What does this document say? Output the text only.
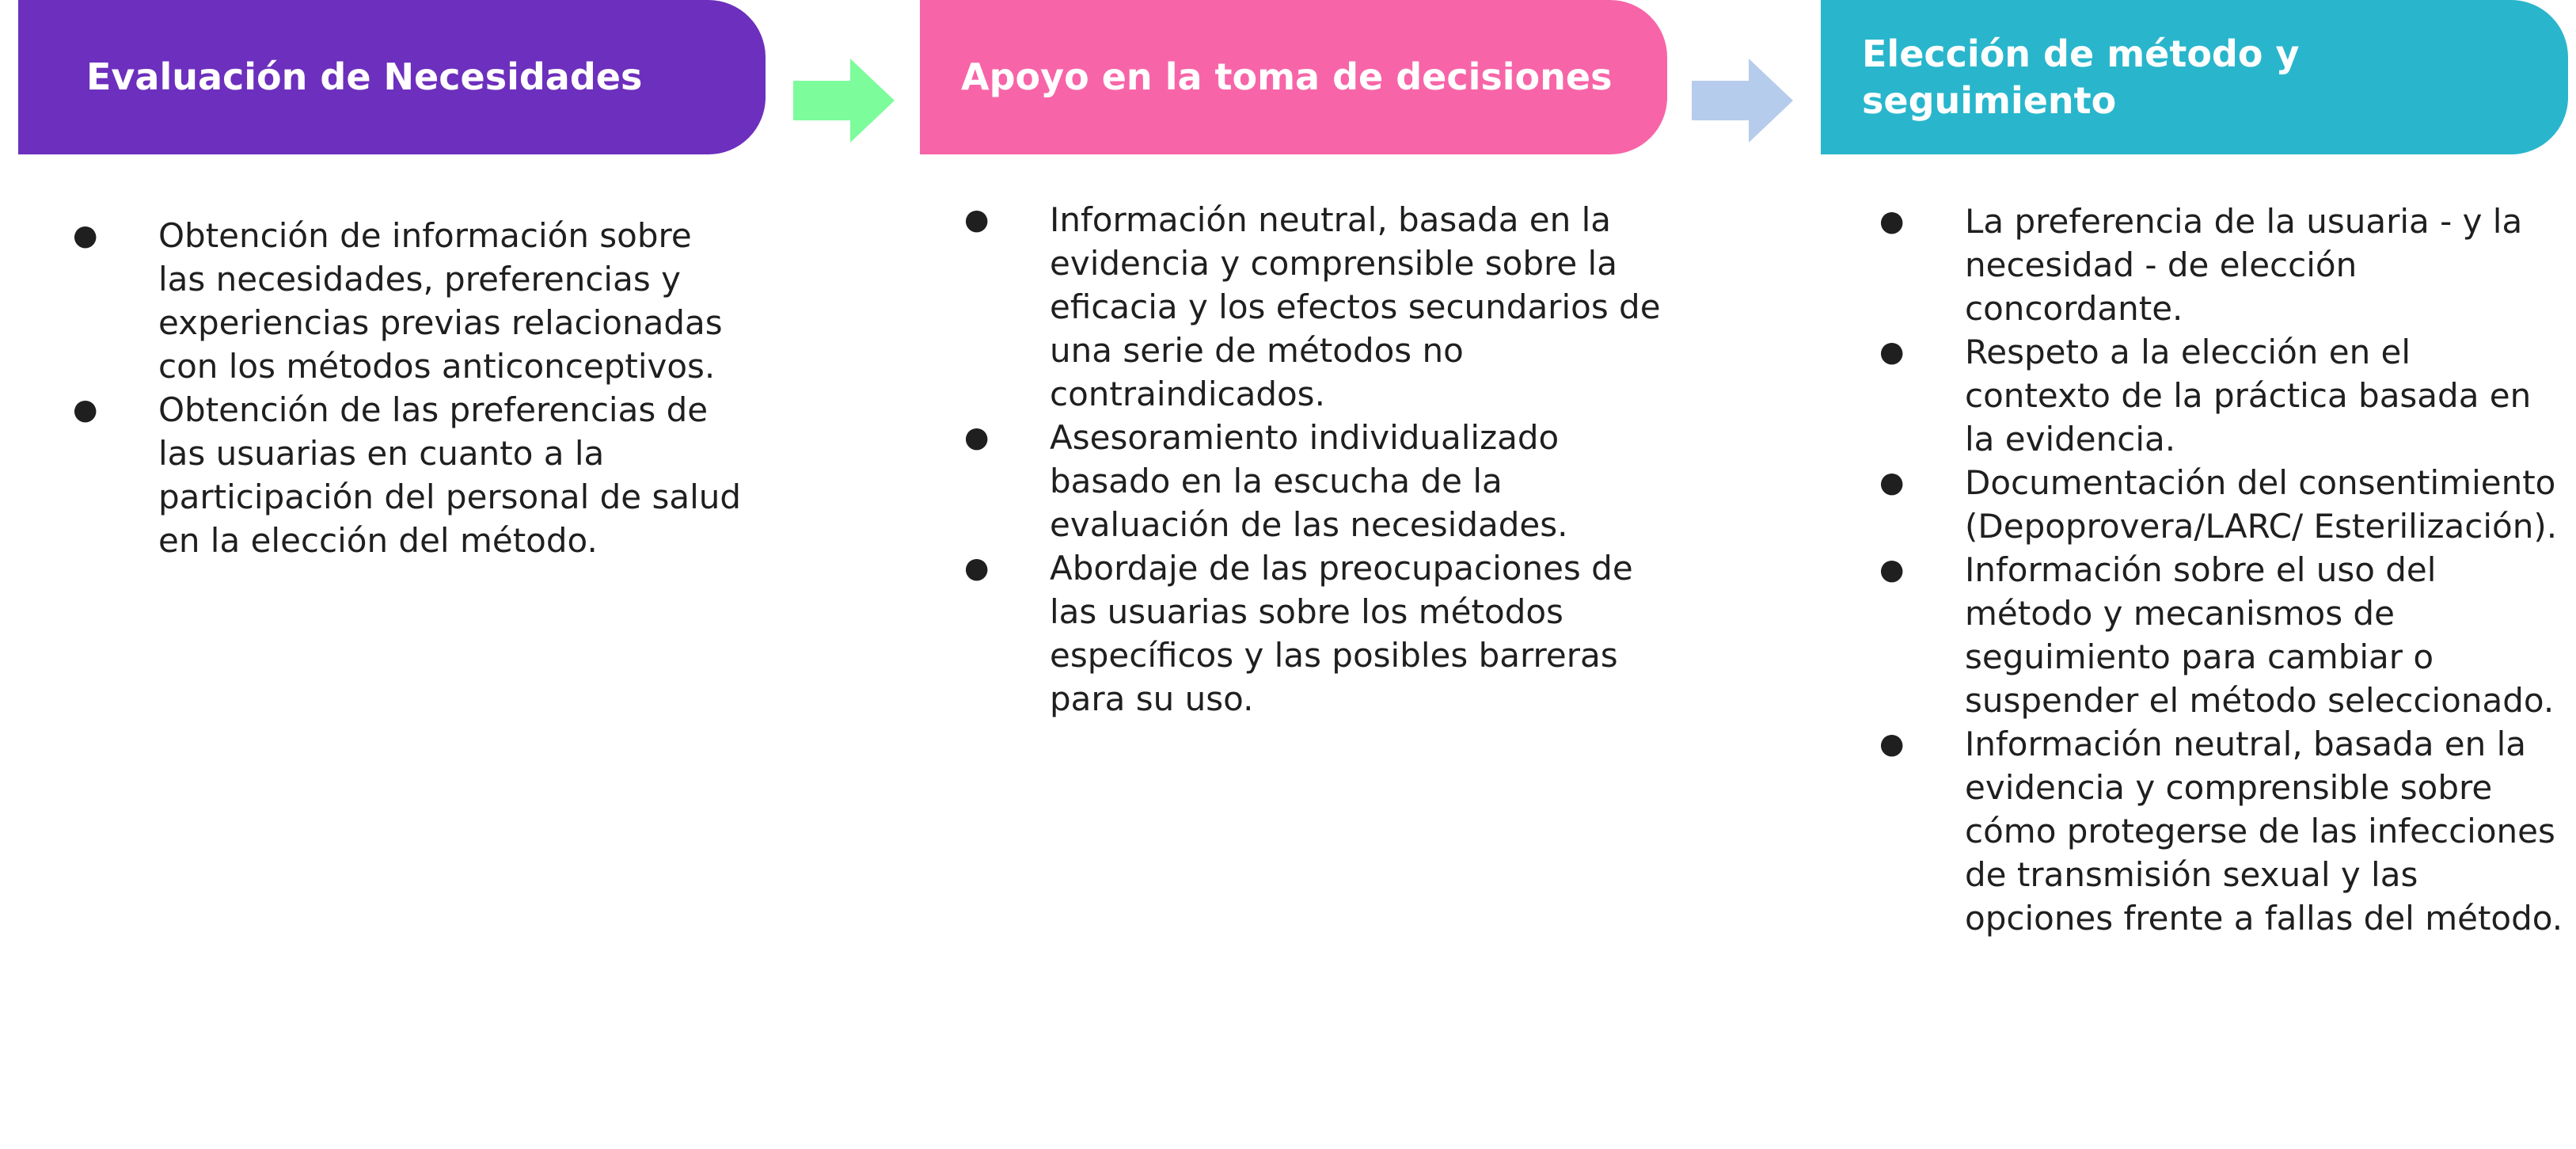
Evaluación de Necesidades	Apoyo en la toma de decisiones
Elección de método y seguimiento
● Obtención de información sobre las necesidades, preferencias y experiencias previas relacionadas con los métodos anticonceptivos.
● Obtención de las preferencias de las usuarias en cuanto a la participación del personal de salud en la elección del método.
● Información neutral, basada en la evidencia y comprensible sobre la eficacia y los efectos secundarios de una serie de métodos no contraindicados.
● Asesoramiento individualizado basado en la escucha de la evaluación de las necesidades.
● Abordaje de las preocupaciones de las usuarias sobre los métodos específicos y las posibles barreras para su uso.
● La preferencia de la usuaria - y la necesidad - de elección concordante.
● Respeto a la elección en el contexto de la práctica basada en la evidencia.
● Documentación del consentimiento (Depoprovera/LARC/ Esterilización).
● Información sobre el uso del método y mecanismos de seguimiento para cambiar o suspender el método seleccionado.
● Información neutral, basada en la evidencia y comprensible sobre cómo protegerse de las infecciones de transmisión sexual y las opciones frente a fallas del método.
